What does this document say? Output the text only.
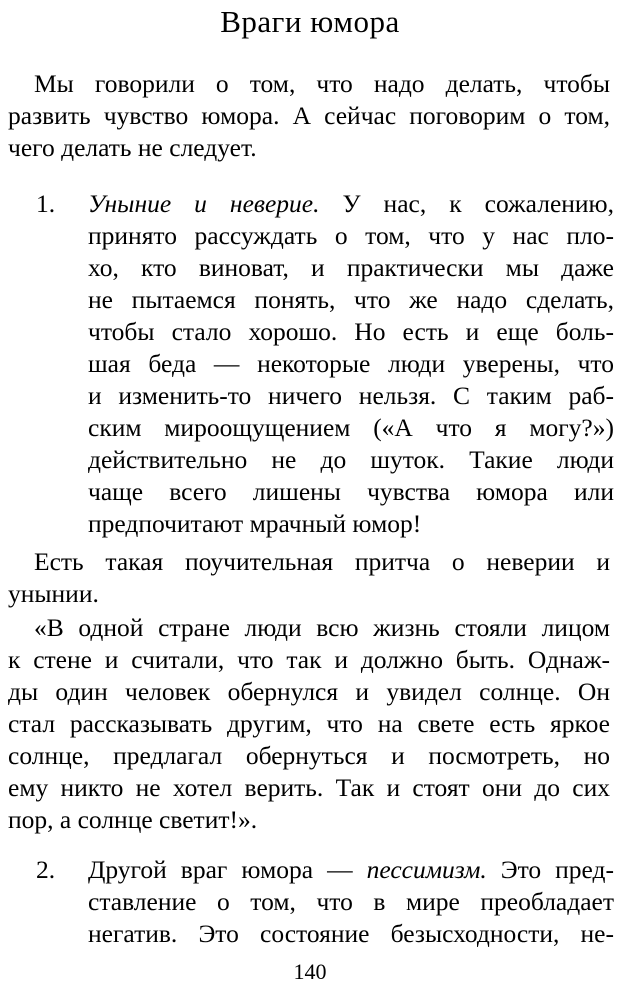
Враги юмора
Мы говорили о том, что надо делать, чтобы
развить чувство юмора. А сейчас поговорим о том,
чего делать не следует.
1.	Уныние и неверие. У нас, к сожалению,
принято рассуждать о том, что у нас пло-
хо, кто виноват, и практически мы даже
не пытаемся понять, что же надо сделать,
чтобы стало хорошо. Но есть и еще боль-
шая беда — некоторые люди уверены, что
и изменить-то ничего нельзя. С таким раб-
ским мироощущением («А что я могу?»)
действительно не до шуток. Такие люди
чаще всего лишены чувства юмора или
предпочитают мрачный юмор!
Есть такая поучительная притча о неверии и
унынии.
«В одной стране люди всю жизнь стояли лицом
к стене и считали, что так и должно быть. Однаж-
ды один человек обернулся и увидел солнце. Он
стал рассказывать другим, что на свете есть яркое
солнце, предлагал обернуться и посмотреть, но
ему никто не хотел верить. Так и стоят они до сих
пор, а солнце светит!».
2.	Другой враг юмора — пессимизм. Это пред-
ставление о том, что в мире преобладает
негатив. Это состояние безысходности, не-
140
